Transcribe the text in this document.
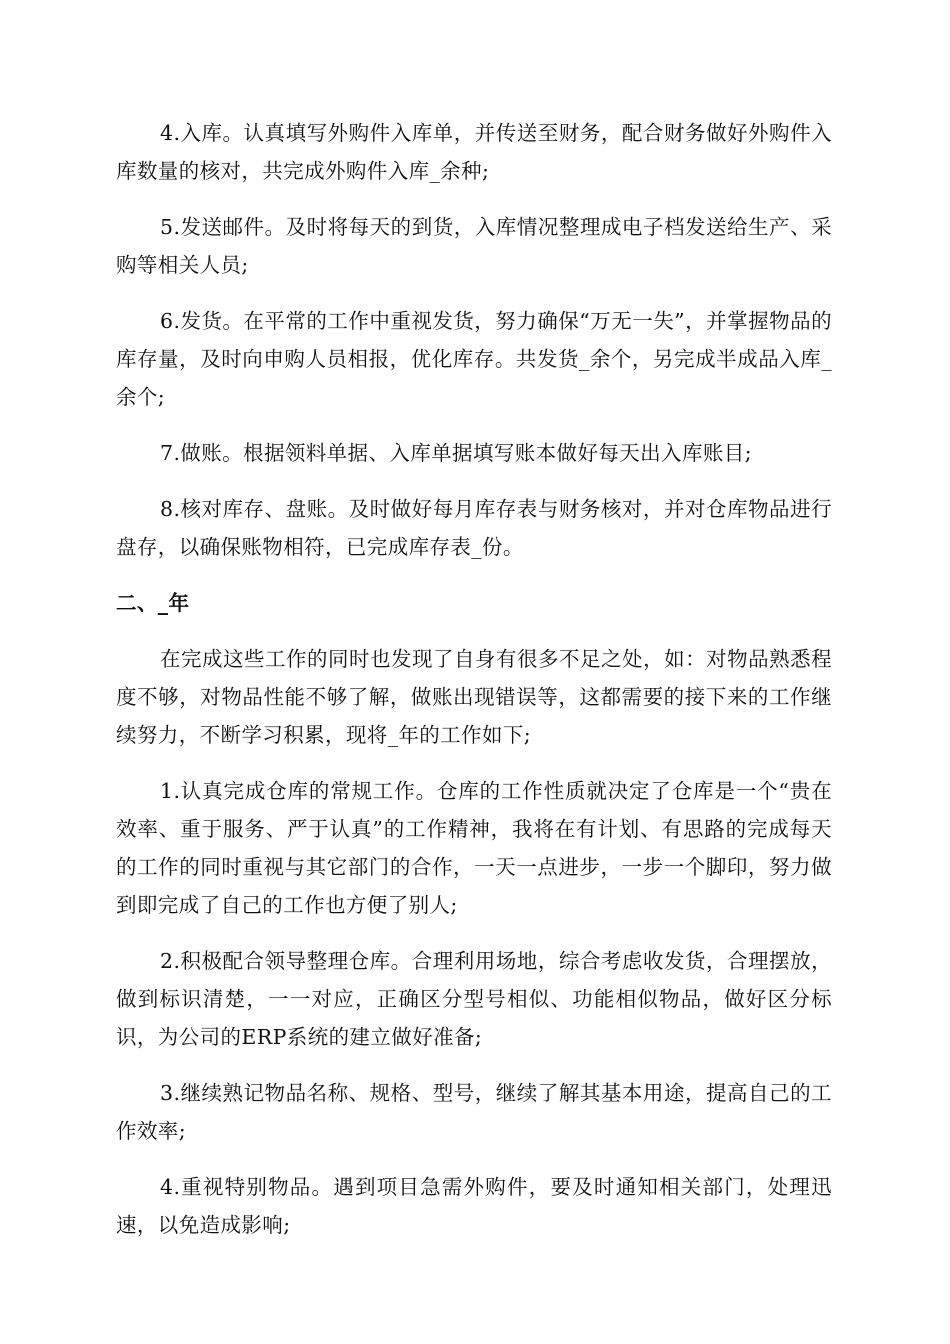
4.入库。认真填写外购件入库单，并传送至财务，配合财务做好外购件入库数量的核对，共完成外购件入库_余种;

5.发送邮件。及时将每天的到货，入库情况整理成电子档发送给生产、采购等相关人员;

6.发货。在平常的工作中重视发货，努力确保“万无一失”，并掌握物品的库存量，及时向申购人员相报，优化库存。共发货_余个，另完成半成品入库_余个;

7.做账。根据领料单据、入库单据填写账本做好每天出入库账目;

8.核对库存、盘账。及时做好每月库存表与财务核对，并对仓库物品进行盘存，以确保账物相符，已完成库存表_份。

二、_年

在完成这些工作的同时也发现了自身有很多不足之处，如：对物品熟悉程度不够，对物品性能不够了解，做账出现错误等，这都需要的接下来的工作继续努力，不断学习积累，现将_年的工作如下;

1.认真完成仓库的常规工作。仓库的工作性质就决定了仓库是一个“贵在效率、重于服务、严于认真”的工作精神，我将在有计划、有思路的完成每天的工作的同时重视与其它部门的合作，一天一点进步，一步一个脚印，努力做到即完成了自己的工作也方便了别人;

2.积极配合领导整理仓库。合理利用场地，综合考虑收发货，合理摆放，做到标识清楚，一一对应，正确区分型号相似、功能相似物品，做好区分标识，为公司的ERP系统的建立做好准备;

3.继续熟记物品名称、规格、型号，继续了解其基本用途，提高自己的工作效率;

4.重视特别物品。遇到项目急需外购件，要及时通知相关部门，处理迅速，以免造成影响;
